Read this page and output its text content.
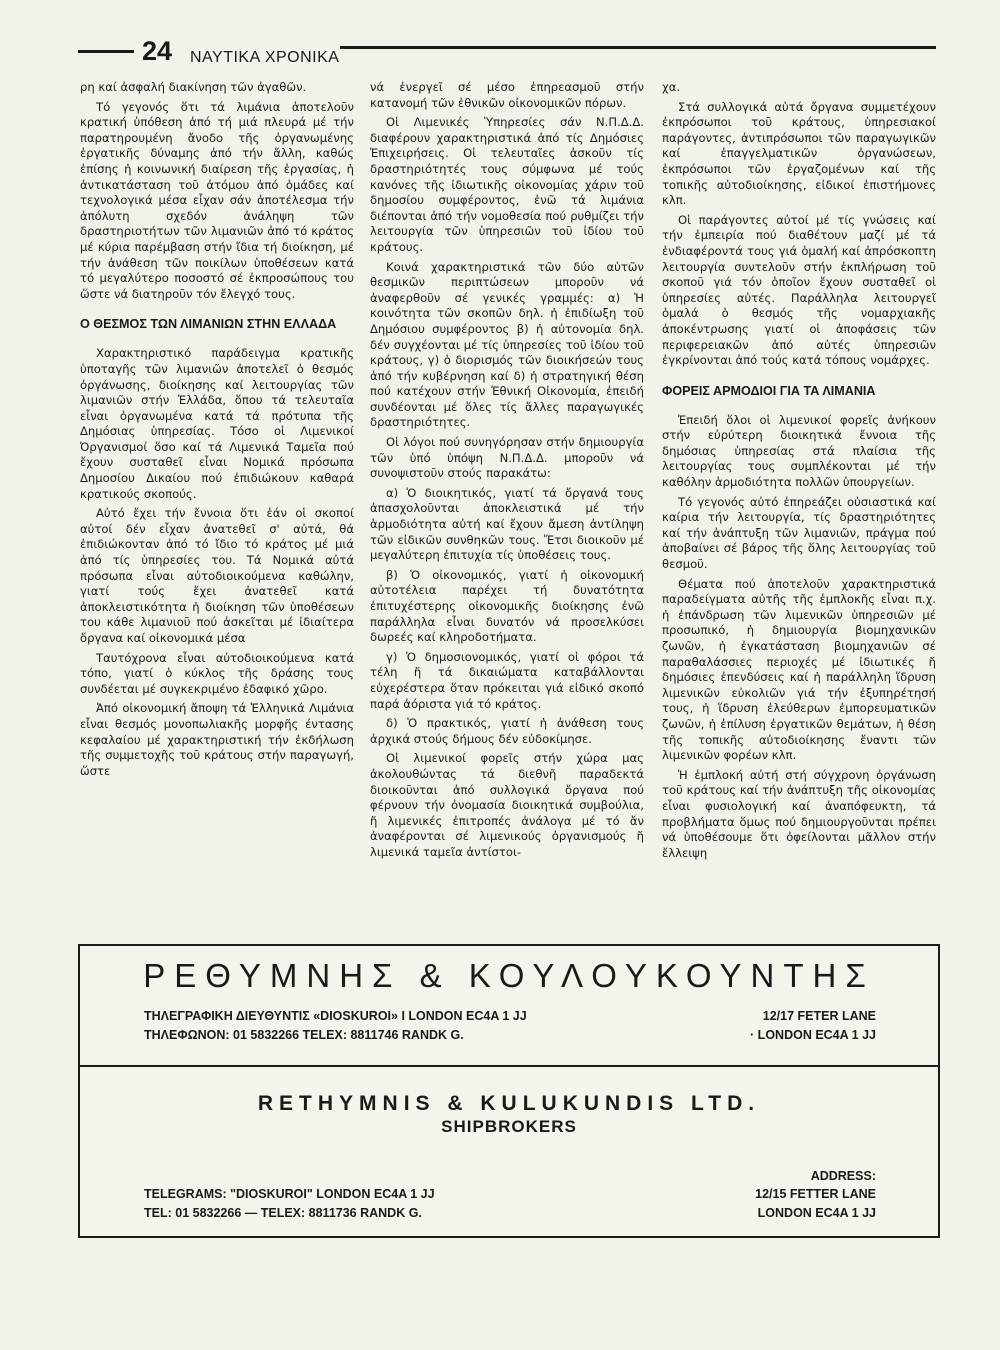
24 ΝΑΥΤΙΚΑ ΧΡΟΝΙΚΑ

ρη καί ἀσφαλή διακίνηση τῶν ἀγαθῶν.

Τό γεγονός ὅτι τά λιμάνια ἀποτελοῦν κρατική ὑπόθεση ἀπό τή μιά πλευρά μέ τήν παρατηρουμένη ἄνοδο τῆς ὀργανωμένης ἐργατικῆς δύναμης ἀπό τήν ἄλλη, καθώς ἐπίσης ἡ κοινωνική διαίρεση τῆς ἐργασίας, ἡ ἀντικατάσταση τοῦ ἀτόμου ἀπό ὁμάδες καί τεχνολογικά μέσα εἶχαν σάν ἀποτέλεσμα τήν ἀπόλυτη σχεδόν ἀνάληψη τῶν δραστηριοτήτων τῶν λιμανιῶν ἀπό τό κράτος μέ κύρια παρέμβαση στήν ἴδια τή διοίκηση, μέ τήν ἀνάθεση τῶν ποικίλων ὑποθέσεων κατά τό μεγαλύτερο ποσοστό σέ ἐκπροσώπους του ὥστε νά διατηροῦν τόν ἔλεγχό τους.

Ο ΘΕΣΜΟΣ ΤΩΝ ΛΙΜΑΝΙΩΝ ΣΤΗΝ ΕΛΛΑΔΑ

Χαρακτηριστικό παράδειγμα κρατικῆς ὑποταγῆς τῶν λιμανιῶν ἀποτελεῖ ὁ θεσμός ὀργάνωσης, διοίκησης καί λειτουργίας τῶν λιμανιῶν στήν Ἑλλάδα, ὅπου τά τελευταῖα εἶναι ὀργανωμένα κατά τά πρότυπα τῆς Δημόσιας ὑπηρεσίας. Τόσο οἱ Λιμενικοί Ὀργανισμοί ὅσο καί τά Λιμενικά Ταμεῖα πού ἔχουν συσταθεῖ εἶναι Νομικά πρόσωπα Δημοσίου Δικαίου πού ἐπιδιώκουν καθαρά κρατικούς σκοπούς.

Αὐτό ἔχει τήν ἔννοια ὅτι ἐάν οἱ σκοποί αὐτοί δέν εἶχαν ἀνατεθεῖ σ' αὐτά, θά ἐπιδιώκονταν ἀπό τό ἴδιο τό κράτος μέ μιά ἀπό τίς ὑπηρεσίες του. Τά Νομικά αὐτά πρόσωπα εἶναι αὐτοδιοικούμενα καθώλην, γιατί τούς ἔχει ἀνατεθεῖ κατά ἀποκλειστικότητα ἡ διοίκηση τῶν ὑποθέσεων του κάθε λιμανιοῦ πού ἀσκεῖται μέ ἰδιαίτερα ὄργανα καί οἰκονομικά μέσα

Ταυτόχρονα εἶναι αὐτοδιοικούμενα κατά τόπο, γιατί ὁ κύκλος τῆς δράσης τους συνδέεται μέ συγκεκριμένο ἐδαφικό χῶρο.

Ἀπό οἰκονομική ἄποψη τά Ἑλληνικά Λιμάνια εἶναι θεσμός μονοπωλιακῆς μορφῆς έντασης κεφαλαίου μέ χαρακτηριστική τήν ἐκδήλωση τῆς συμμετοχῆς τοῦ κράτους στήν παραγωγή, ὥστε

νά ἐνεργεῖ σέ μέσο ἐπηρεασμοῦ στήν κατανομή τῶν ἐθνικῶν οἰκονομικῶν πόρων.

Οἱ Λιμενικές Ὑπηρεσίες σάν Ν.Π.Δ.Δ. διαφέρουν χαρακτηριστικά ἀπό τίς Δημόσιες Ἐπιχειρήσεις. Οἱ τελευταῖες ἀσκοῦν τίς δραστηριότητές τους σύμφωνα μέ τούς κανόνες τῆς ἰδιωτικῆς οἰκονομίας χάριν τοῦ δημοσίου συμφέροντος, ἐνῶ τά λιμάνια διέπονται ἀπό τήν νομοθεσία πού ρυθμίζει τήν λειτουργία τῶν ὑπηρεσιῶν τοῦ ἰδίου τοῦ κράτους.

Κοινά χαρακτηριστικά τῶν δύο αὐτῶν θεσμικῶν περιπτώσεων μποροῦν νά ἀναφερθοῦν σέ γενικές γραμμές: α) Ἡ κοινότητα τῶν σκοπῶν δηλ. ἡ ἐπιδίωξη τοῦ Δημόσιου συμφέροντος β) ἡ αὐτονομία δηλ. δέν συγχέονται μέ τίς ὑπηρεσίες τοῦ ἰδίου τοῦ κράτους, γ) ὁ διορισμός τῶν διοικήσεών τους ἀπό τήν κυβέρνηση καί δ) ἡ στρατηγική θέση πού κατέχουν στήν Ἐθνική Οἰκονομία, ἐπειδή συνδέονται μέ ὅλες τίς ἄλλες παραγωγικές δραστηριότητες.

Οἱ λόγοι πού συνηγόρησαν στήν δημιουργία τῶν ὑπό ὑπόψη Ν.Π.Δ.Δ. μποροῦν νά συνοψιστοῦν στούς παρακάτω:

α) Ὁ διοικητικός, γιατί τά ὄργανά τους ἀπασχολοῦνται ἀποκλειστικά μέ τήν ἁρμοδιότητα αὐτή καί ἔχουν ἄμεση ἀντίληψη τῶν εἰδικῶν συνθηκῶν τους. Ἔτσι διοικοῦν μέ μεγαλύτερη ἐπιτυχία τίς ὑποθέσεις τους.

β) Ὁ οἰκονομικός, γιατί ἡ οἰκονομική αὐτοτέλεια παρέχει τή δυνατότητα ἐπιτυχέστερης οἰκονομικῆς διοίκησης ἐνῶ παράλληλα εἶναι δυνατόν νά προσελκύσει δωρεές καί κληροδοτήματα.

γ) Ὁ δημοσιονομικός, γιατί οἱ φόροι τά τέλη ἤ τά δικαιώματα καταβάλλονται εὐχερέστερα ὅταν πρόκειται γιά εἰδικό σκοπό παρά ἀόριστα γιά τό κράτος.

δ) Ὁ πρακτικός, γιατί ἡ ἀνάθεση τους ἀρχικά στούς δήμους δέν εὐδοκίμησε.

Οἱ λιμενικοί φορεῖς στήν χώρα μας ἀκολουθώντας τά διεθνῆ παραδεκτά διοικοῦνται ἀπό συλλογικά ὄργανα πού φέρνουν τήν ὀνομασία διοικητικά συμβούλια, ἤ λιμενικές ἐπιτροπές ἀνάλογα μέ τό ἄν ἀναφέρονται σέ λιμενικούς ὀργανισμούς ἤ λιμενικά ταμεῖα ἀντίστοι-

χα.

Στά συλλογικά αὐτά ὄργανα συμμετέχουν ἐκπρόσωποι τοῦ κράτους, ὑπηρεσιακοί παράγοντες, ἀντιπρόσωποι τῶν παραγωγικῶν καί ἐπαγγελματικῶν ὀργανώσεων, ἐκπρόσωποι τῶν ἐργαζομένων καί τῆς τοπικῆς αὐτοδιοίκησης, εἰδικοί ἐπιστήμονες κλπ.

Οἱ παράγοντες αὐτοί μέ τίς γνώσεις καί τήν ἐμπειρία πού διαθέτουν μαζί μέ τά ἐνδιαφέροντά τους γιά ὁμαλή καί ἀπρόσκοπτη λειτουργία συντελοῦν στήν ἐκπλήρωση τοῦ σκοποῦ γιά τόν ὁποῖον ἔχουν συσταθεῖ οἱ ὑπηρεσίες αὐτές. Παράλληλα λειτουργεῖ ὁμαλά ὁ θεσμός τῆς νομαρχιακῆς ἀποκέντρωσης γιατί οἱ ἀποφάσεις τῶν περιφερειακῶν ἀπό αὐτές ὑπηρεσιῶν ἐγκρίνονται ἀπό τούς κατά τόπους νομάρχες.

ΦΟΡΕΙΣ ΑΡΜΟΔΙΟΙ ΓΙΑ ΤΑ ΛΙΜΑΝΙΑ

Ἐπειδή ὅλοι οἱ λιμενικοί φορεῖς ἀνήκουν στήν εὐρύτερη διοικητικά ἔννοια τῆς δημόσιας ὑπηρεσίας στά πλαίσια τῆς λειτουργίας τους συμπλέκονται μέ τήν καθόλην ἁρμοδιότητα πολλῶν ὑπουργείων.

Τό γεγονός αὐτό ἐπηρεάζει οὐσιαστικά καί καίρια τήν λειτουργία, τίς δραστηριότητες καί τήν ἀνάπτυξη τῶν λιμανιῶν, πράγμα πού ἀποβαίνει σέ βάρος τῆς ὅλης λειτουργίας τοῦ θεσμοῦ.

Θέματα πού ἀποτελοῦν χαρακτηριστικά παραδείγματα αὐτῆς τῆς ἐμπλοκῆς εἶναι π.χ. ἡ ἐπάνδρωση τῶν λιμενικῶν ὑπηρεσιῶν μέ προσωπικό, ἡ δημιουργία βιομηχανικῶν ζωνῶν, ἡ ἐγκατάσταση βιομηχανιῶν σέ παραθαλάσσιες περιοχές μέ ἰδιωτικές ἤ δημόσιες ἐπενδύσεις καί ἡ παράλληλη ἵδρυση λιμενικῶν εὐκολιῶν γιά τήν ἐξυπηρέτησή τους, ἡ ἵδρυση ἐλεύθερων ἐμπορευματικῶν ζωνῶν, ἡ ἐπίλυση ἐργατικῶν θεμάτων, ἡ θέση τῆς τοπικῆς αὐτοδιοίκησης ἔναντι τῶν λιμενικῶν φορέων κλπ.

Ἡ ἐμπλοκή αὐτή στή σύγχρονη ὀργάνωση τοῦ κράτους καί τήν ἀνάπτυξη τῆς οἰκονομίας εἶναι φυσιολογική καί ἀναπόφευκτη, τά προβλήματα ὅμως πού δημιουργοῦνται πρέπει νά ὑποθέσουμε ὅτι ὀφείλονται μᾶλλον στήν ἔλλειψη

ΡΕΘΥΜΝΗΣ & ΚΟΥΛΟΥΚΟΥΝΤΗΣ
ΤΗΛΕΓΡΑΦΙΚΗ ΔΙΕΥΘΥΝΤΙΣ «DIOSKUROI» I LONDON EC4A 1 JJ
ΤΗΛΕΦΩΝΟΝ: 01 5832266 TELEX: 8811746 RANDK G.
12/17 FETER LANE
· LONDON EC4A 1 JJ
RETHYMNIS & KULUKUNDIS LTD.
SHIPBROKERS
ADDRESS:
TELEGRAMS: "DIOSKUROI" LONDON EC4A 1 JJ
TEL: 01 5832266 — TELEX: 8811736 RANDK G.
12/15 FETTER LANE
LONDON EC4A 1 JJ
